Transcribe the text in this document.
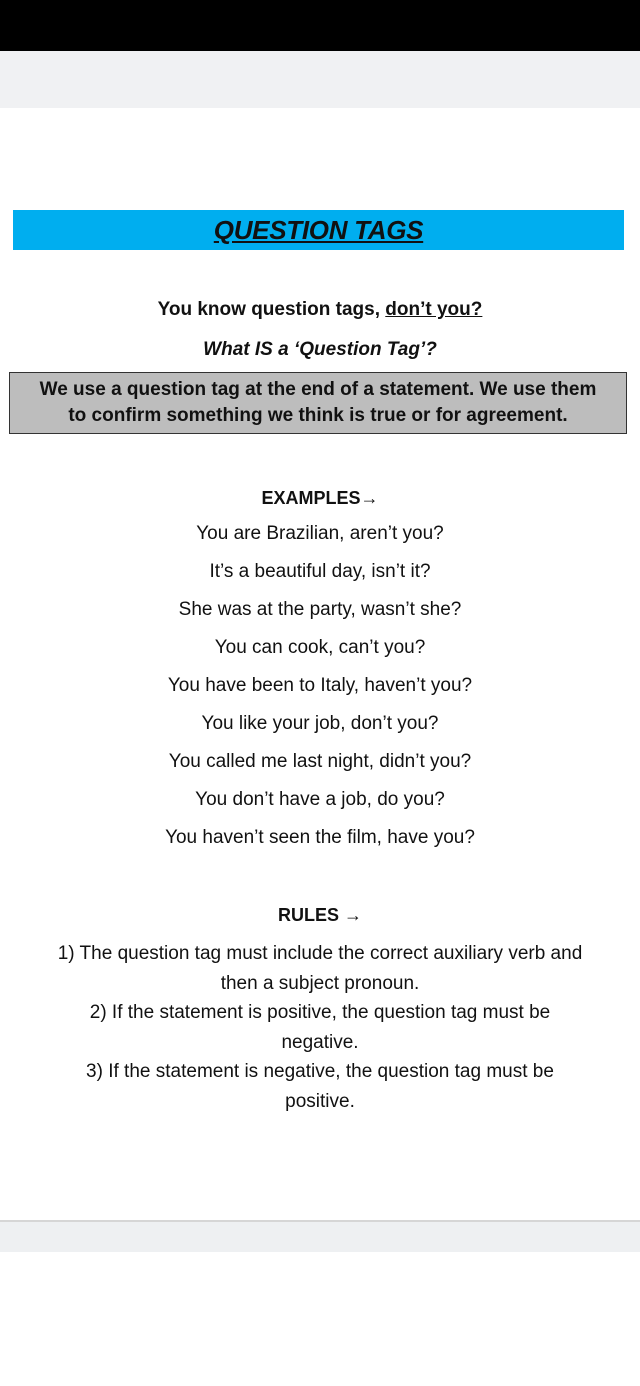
QUESTION TAGS
You know question tags, don’t you?
What IS a ‘Question Tag’?
We use a question tag at the end of a statement. We use them
to confirm something we think is true or for agreement.
EXAMPLES→
You are Brazilian, aren’t you?
It’s a beautiful day, isn’t it?
She was at the party, wasn’t she?
You can cook, can’t you?
You have been to Italy, haven’t you?
You like your job, don’t you?
You called me last night, didn’t you?
You don’t have a job, do you?
You haven’t seen the film, have you?
RULES →
1) The question tag must include the correct auxiliary verb and
then a subject pronoun.
2) If the statement is positive, the question tag must be
negative.
3) If the statement is negative, the question tag must be
positive.
